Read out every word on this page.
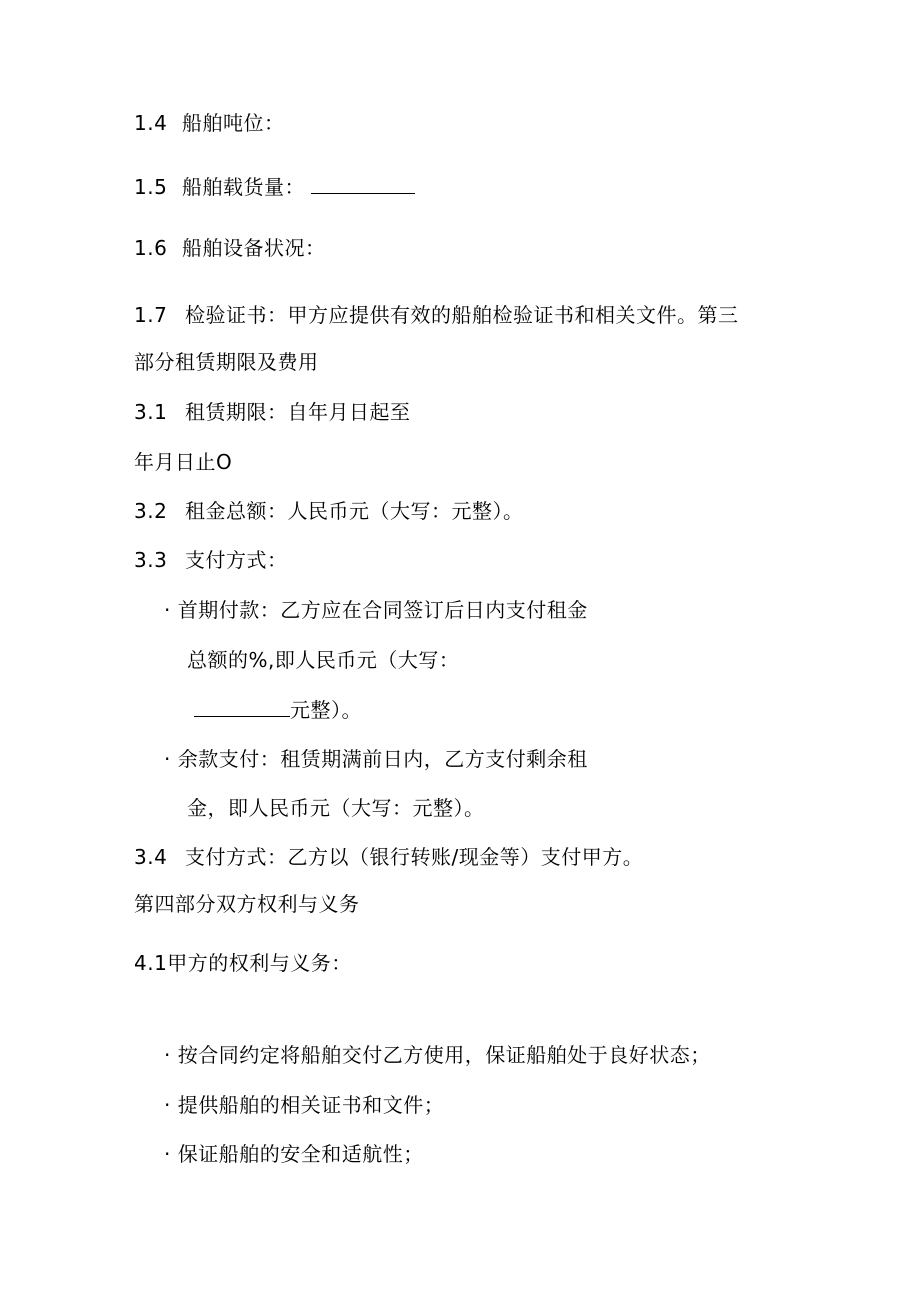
1.4 船舶吨位：
1.5 船舶载货量：
1.6 船舶设备状况：
1.7 检验证书：甲方应提供有效的船舶检验证书和相关文件。第三
部分租赁期限及费用
3.1 租赁期限：自年月日起至
年月日止O
3.2 租金总额：人民币元（大写：元整）。
3.3 支付方式：
· 首期付款：乙方应在合同签订后日内支付租金
总额的%,即人民币元（大写：
元整）。
· 余款支付：租赁期满前日内，乙方支付剩余租
金，即人民币元（大写：元整）。
3.4 支付方式：乙方以（银行转账/现金等）支付甲方。
第四部分双方权利与义务
4.1甲方的权利与义务：
· 按合同约定将船舶交付乙方使用，保证船舶处于良好状态；
· 提供船舶的相关证书和文件；
· 保证船舶的安全和适航性；
